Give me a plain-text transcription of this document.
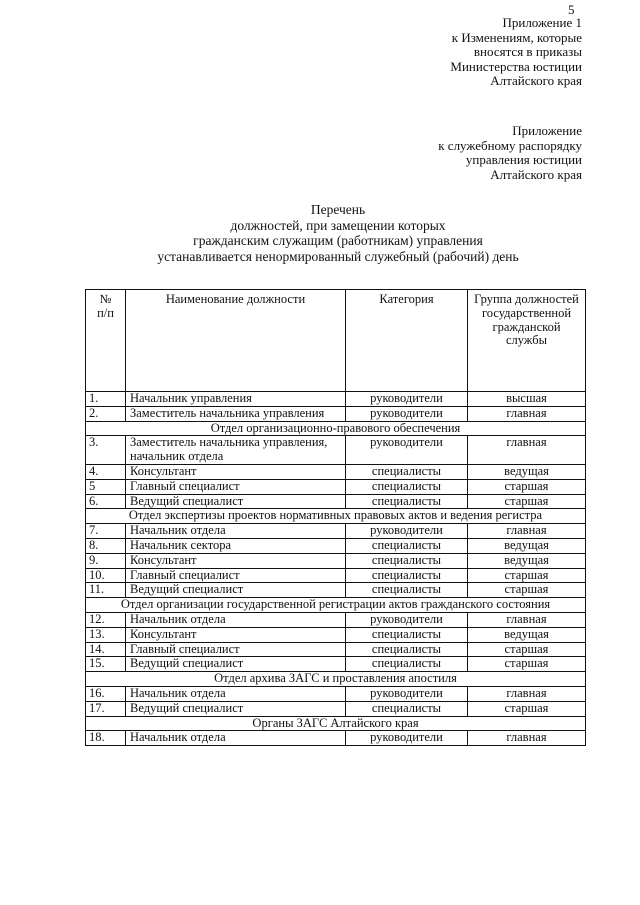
5
Приложение 1
к Изменениям, которые
вносятся в приказы
Министерства юстиции
Алтайского края
Приложение
к служебному распорядку
управления юстиции
Алтайского края
Перечень
должностей, при замещении которых
гражданским служащим (работникам) управления
устанавливается ненормированный служебный (рабочий) день
№ п/п	Наименование должности	Категория	Группа должностей государственной гражданской службы
1.	Начальник управления	руководители	высшая
2.	Заместитель начальника управления	руководители	главная
Отдел организационно-правового обеспечения			
3.	Заместитель начальника управления, начальник отдела	руководители	главная
4.	Консультант	специалисты	ведущая
5	Главный специалист	специалисты	старшая
6.	Ведущий специалист	специалисты	старшая
Отдел экспертизы проектов нормативных правовых актов и ведения регистра			
7.	Начальник отдела	руководители	главная
8.	Начальник сектора	специалисты	ведущая
9.	Консультант	специалисты	ведущая
10.	Главный специалист	специалисты	старшая
11.	Ведущий специалист	специалисты	старшая
Отдел организации государственной регистрации актов гражданского состояния			
12.	Начальник отдела	руководители	главная
13.	Консультант	специалисты	ведущая
14.	Главный специалист	специалисты	старшая
15.	Ведущий специалист	специалисты	старшая
Отдел архива ЗАГС и проставления апостиля			
16.	Начальник отдела	руководители	главная
17.	Ведущий специалист	специалисты	старшая
Органы ЗАГС Алтайского края			
18.	Начальник отдела	руководители	главная
